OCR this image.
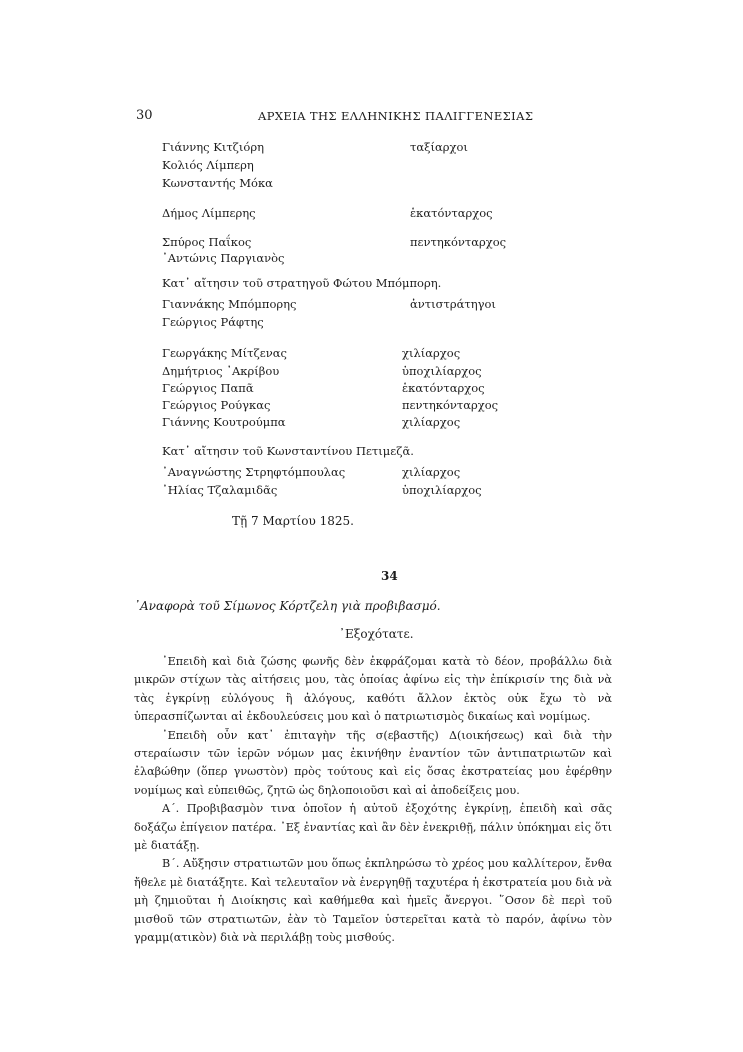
30	ΑΡΧΕΙΑ ΤΗΣ ΕΛΛΗΝΙΚΗΣ ΠΑΛΙΓΓΕΝΕΣΙΑΣ
Γιάννης Κιτζιόρη	ταξίαρχοι
Κολιός Λίμπερη
Κωνσταντής Μόκα
Δήμος Λίμπερης	ἑκατόνταρχος
Σπύρος Παΐκος	πεντηκόνταρχος
᾿Αντώνις Παργιανὸς
Κατ᾿ αἴτησιν τοῦ στρατηγοῦ Φώτου Μπόμπορη.
Γιαννάκης Μπόμπορης	ἀντιστράτηγοι
Γεώργιος Ράφτης
Γεωργάκης Μίτζενας	χιλίαρχος
Δημήτριος ᾿Ακρίβου	ὑποχιλίαρχος
Γεώργιος Παπᾶ	ἑκατόνταρχος
Γεώργιος Ρούγκας	πεντηκόνταρχος
Γιάννης Κουτρούμπα	χιλίαρχος
Κατ᾿ αἴτησιν τοῦ Κωνσταντίνου Πετιμεζᾶ.
᾿Αναγνώστης Στρηφτόμπουλας	χιλίαρχος
᾿Ηλίας Τζαλαμιδᾶς	ὑποχιλίαρχος
Τῇ 7 Μαρτίου 1825.
34
᾿Αναφορὰ τοῦ Σίμωνος Κόρτζελη γιὰ προβιβασμό.
᾿Εξοχότατε.

᾿Επειδὴ καὶ διὰ ζώσης φωνῆς δὲν ἐκφράζομαι κατὰ τὸ δέον, προβάλλω διὰ μικρῶν στίχων τὰς αἰτήσεις μου, τὰς ὁποίας ἀφίνω εἰς τὴν ἐπίκρισίν της διὰ νὰ τὰς ἐγκρίνῃ εὐλόγους ἢ ἀλόγους, καθότι ἄλλον ἐκτὸς οὐκ ἔχω τὸ νὰ ὑπερασπίζωνται αἱ ἐκδουλεύσεις μου καὶ ὁ πατριωτισμὸς δικαίως καὶ νομίμως.

᾿Επειδὴ οὖν κατ᾿ ἐπιταγὴν τῆς σ(εβαστῆς) Δ(ιοικήσεως) καὶ διὰ τὴν στεραίωσιν τῶν ἱερῶν νόμων μας ἐκινήθην ἐναντίον τῶν ἀντιπατριωτῶν καὶ ἐλαβώθην (ὅπερ γνωστὸν) πρὸς τούτους καὶ εἰς ὅσας ἐκστρατείας μου ἐφέρθην νομίμως καὶ εὐπειθῶς, ζητῶ ὡς δηλοποιοῦσι καὶ αἱ ἀποδείξεις μου.

Α΄. Προβιβασμὸν τινα ὁποῖον ἡ αὐτοῦ ἐξοχότης ἐγκρίνῃ, ἐπειδὴ καὶ σᾶς δοξάζω ἐπίγειον πατέρα. ᾿Εξ ἐναντίας καὶ ἂν δὲν ἐνεκριθῇ, πάλιν ὑπόκημαι εἰς ὅτι μὲ διατάξῃ.

Β΄. Αὔξησιν στρατιωτῶν μου ὅπως ἐκπληρώσω τὸ χρέος μου καλλίτερον, ἔνθα ἤθελε μὲ διατάξητε. Καὶ τελευταῖον νὰ ἐνεργηθῇ ταχυτέρα ἡ ἐκστρατεία μου διὰ νὰ μὴ ζημιοῦται ἡ Διοίκησις καὶ καθήμεθα καὶ ἡμεῖς ἄνεργοι. ῞Οσον δὲ περὶ τοῦ μισθοῦ τῶν στρατιωτῶν, ἐὰν τὸ Ταμεῖον ὑστερεῖται κατὰ τὸ παρόν, ἀφίνω τὸν γραμμ(ατικὸν) διὰ νὰ περιλάβῃ τοὺς μισθούς.
